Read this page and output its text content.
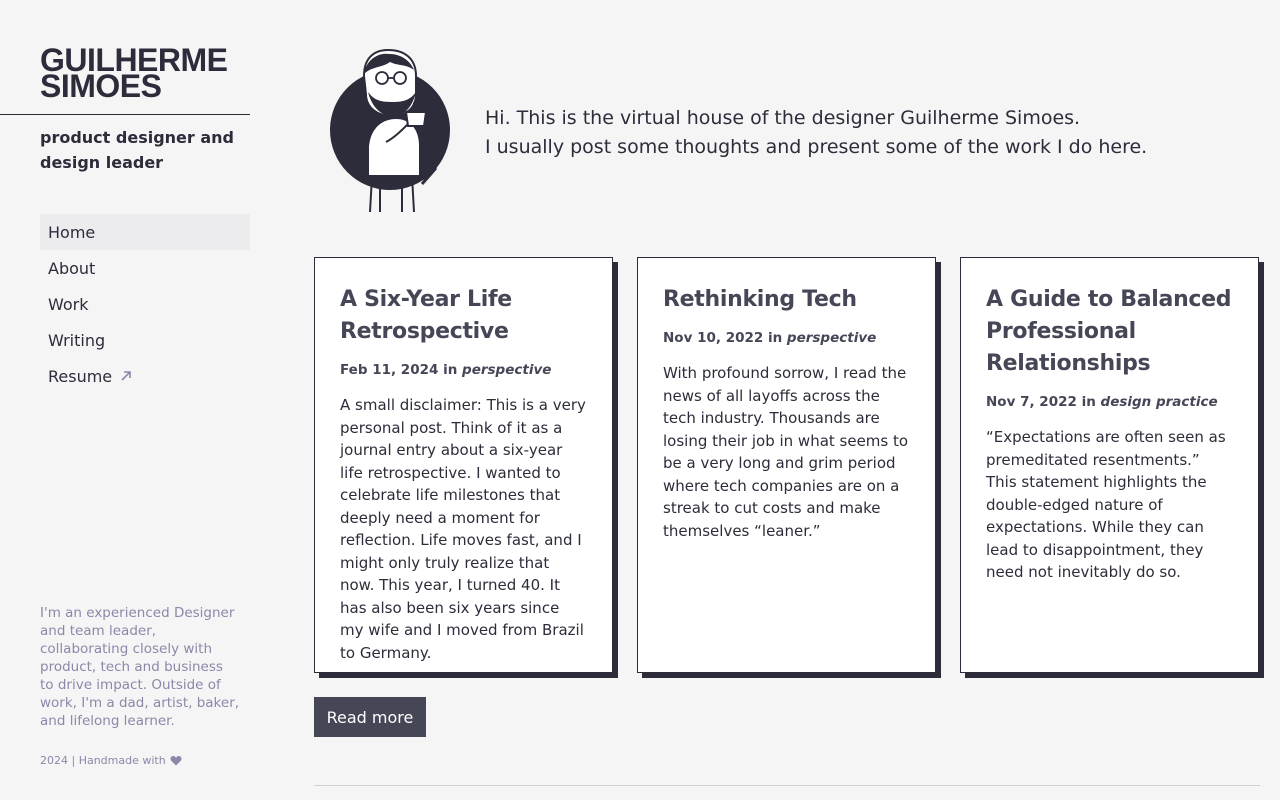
GUILHERME SIMOES
product designer and design leader
Home
About
Work
Writing
Resume

I'm an experienced Designer and team leader, collaborating closely with product, tech and business to drive impact. Outside of work, I'm a dad, artist, baker, and lifelong learner.

2024 | Handmade with
Hi. This is the virtual house of the designer Guilherme Simoes.
I usually post some thoughts and present some of the work I do here.
A Six-Year Life Retrospective
Feb 11, 2024 in perspective

A small disclaimer: This is a very personal post. Think of it as a journal entry about a six-year life retrospective. I wanted to celebrate life milestones that deeply need a moment for reflection. Life moves fast, and I might only truly realize that now. This year, I turned 40. It has also been six years since my wife and I moved from Brazil to Germany.

Rethinking Tech
Nov 10, 2022 in perspective

With profound sorrow, I read the news of all layoffs across the tech industry. Thousands are losing their job in what seems to be a very long and grim period where tech companies are on a streak to cut costs and make themselves “leaner.”

A Guide to Balanced Professional Relationships
Nov 7, 2022 in design practice

“Expectations are often seen as premeditated resentments.” This statement highlights the double-edged nature of expectations. While they can lead to disappointment, they need not inevitably do so.

Read more
